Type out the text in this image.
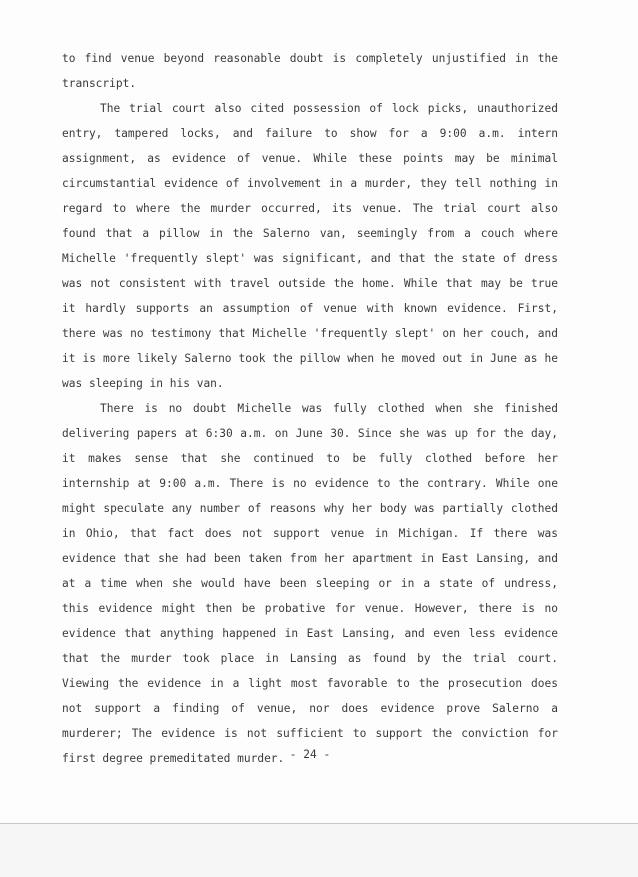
to find venue beyond reasonable doubt is completely unjustified in the transcript.

The trial court also cited possession of lock picks, unauthorized entry, tampered locks, and failure to show for a 9:00 a.m. intern assignment, as evidence of venue. While these points may be minimal circumstantial evidence of involvement in a murder, they tell nothing in regard to where the murder occurred, its venue. The trial court also found that a pillow in the Salerno van, seemingly from a couch where Michelle 'frequently slept' was significant, and that the state of dress was not consistent with travel outside the home. While that may be true it hardly supports an assumption of venue with known evidence. First, there was no testimony that Michelle 'frequently slept' on her couch, and it is more likely Salerno took the pillow when he moved out in June as he was sleeping in his van.

There is no doubt Michelle was fully clothed when she finished delivering papers at 6:30 a.m. on June 30. Since she was up for the day, it makes sense that she continued to be fully clothed before her internship at 9:00 a.m. There is no evidence to the contrary. While one might speculate any number of reasons why her body was partially clothed in Ohio, that fact does not support venue in Michigan. If there was evidence that she had been taken from her apartment in East Lansing, and at a time when she would have been sleeping or in a state of undress, this evidence might then be probative for venue. However, there is no evidence that anything happened in East Lansing, and even less evidence that the murder took place in Lansing as found by the trial court. Viewing the evidence in a light most favorable to the prosecution does not support a finding of venue, nor does evidence prove Salerno a murderer; The evidence is not sufficient to support the conviction for first degree premeditated murder. - 24 -
